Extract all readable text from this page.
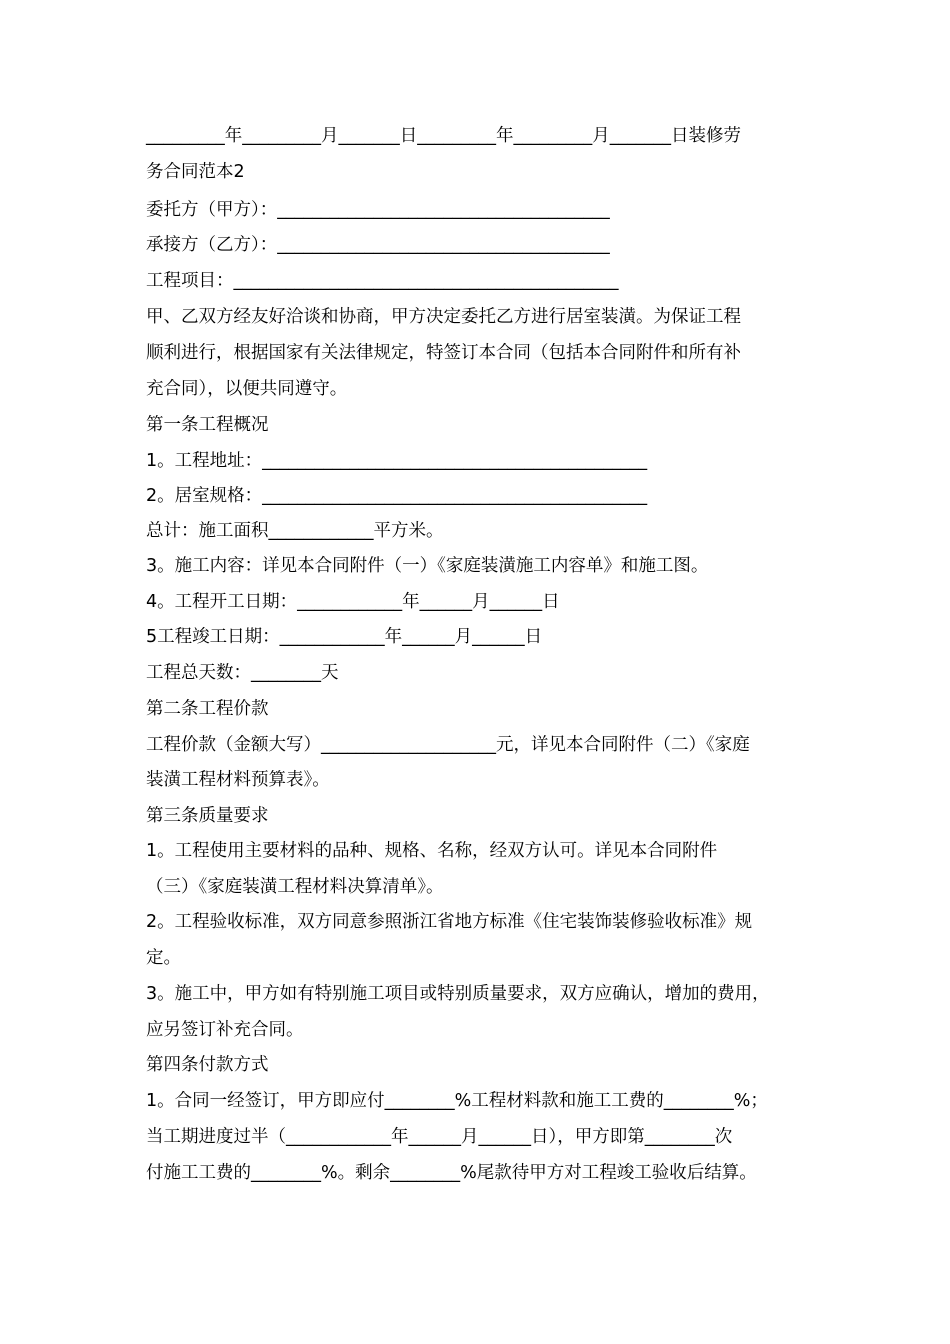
_________年_________月_______日_________年_________月_______日装修劳
务合同范本2
委托方（甲方）：______________________________________
承接方（乙方）：______________________________________
工程项目：____________________________________________
甲、乙双方经友好洽谈和协商，甲方决定委托乙方进行居室装潢。为保证工程
顺利进行，根据国家有关法律规定，特签订本合同（包括本合同附件和所有补
充合同），以便共同遵守。
第一条工程概况
1。工程地址：____________________________________________
2。居室规格：____________________________________________
总计：施工面积____________平方米。
3。施工内容：详见本合同附件（一）《家庭装潢施工内容单》和施工图。
4。工程开工日期：____________年______月______日
5工程竣工日期：____________年______月______日
工程总天数：________天
第二条工程价款
工程价款（金额大写）____________________元，详见本合同附件（二）《家庭
装潢工程材料预算表》。
第三条质量要求
1。工程使用主要材料的品种、规格、名称，经双方认可。详见本合同附件
（三）《家庭装潢工程材料决算清单》。
2。工程验收标准，双方同意参照浙江省地方标准《住宅装饰装修验收标准》规
定。
3。施工中，甲方如有特别施工项目或特别质量要求，双方应确认，增加的费用，
应另签订补充合同。
第四条付款方式
1。合同一经签订，甲方即应付________%工程材料款和施工工费的________%；
当工期进度过半（____________年______月______日），甲方即第________次
付施工工费的________%。剩余________%尾款待甲方对工程竣工验收后结算。
